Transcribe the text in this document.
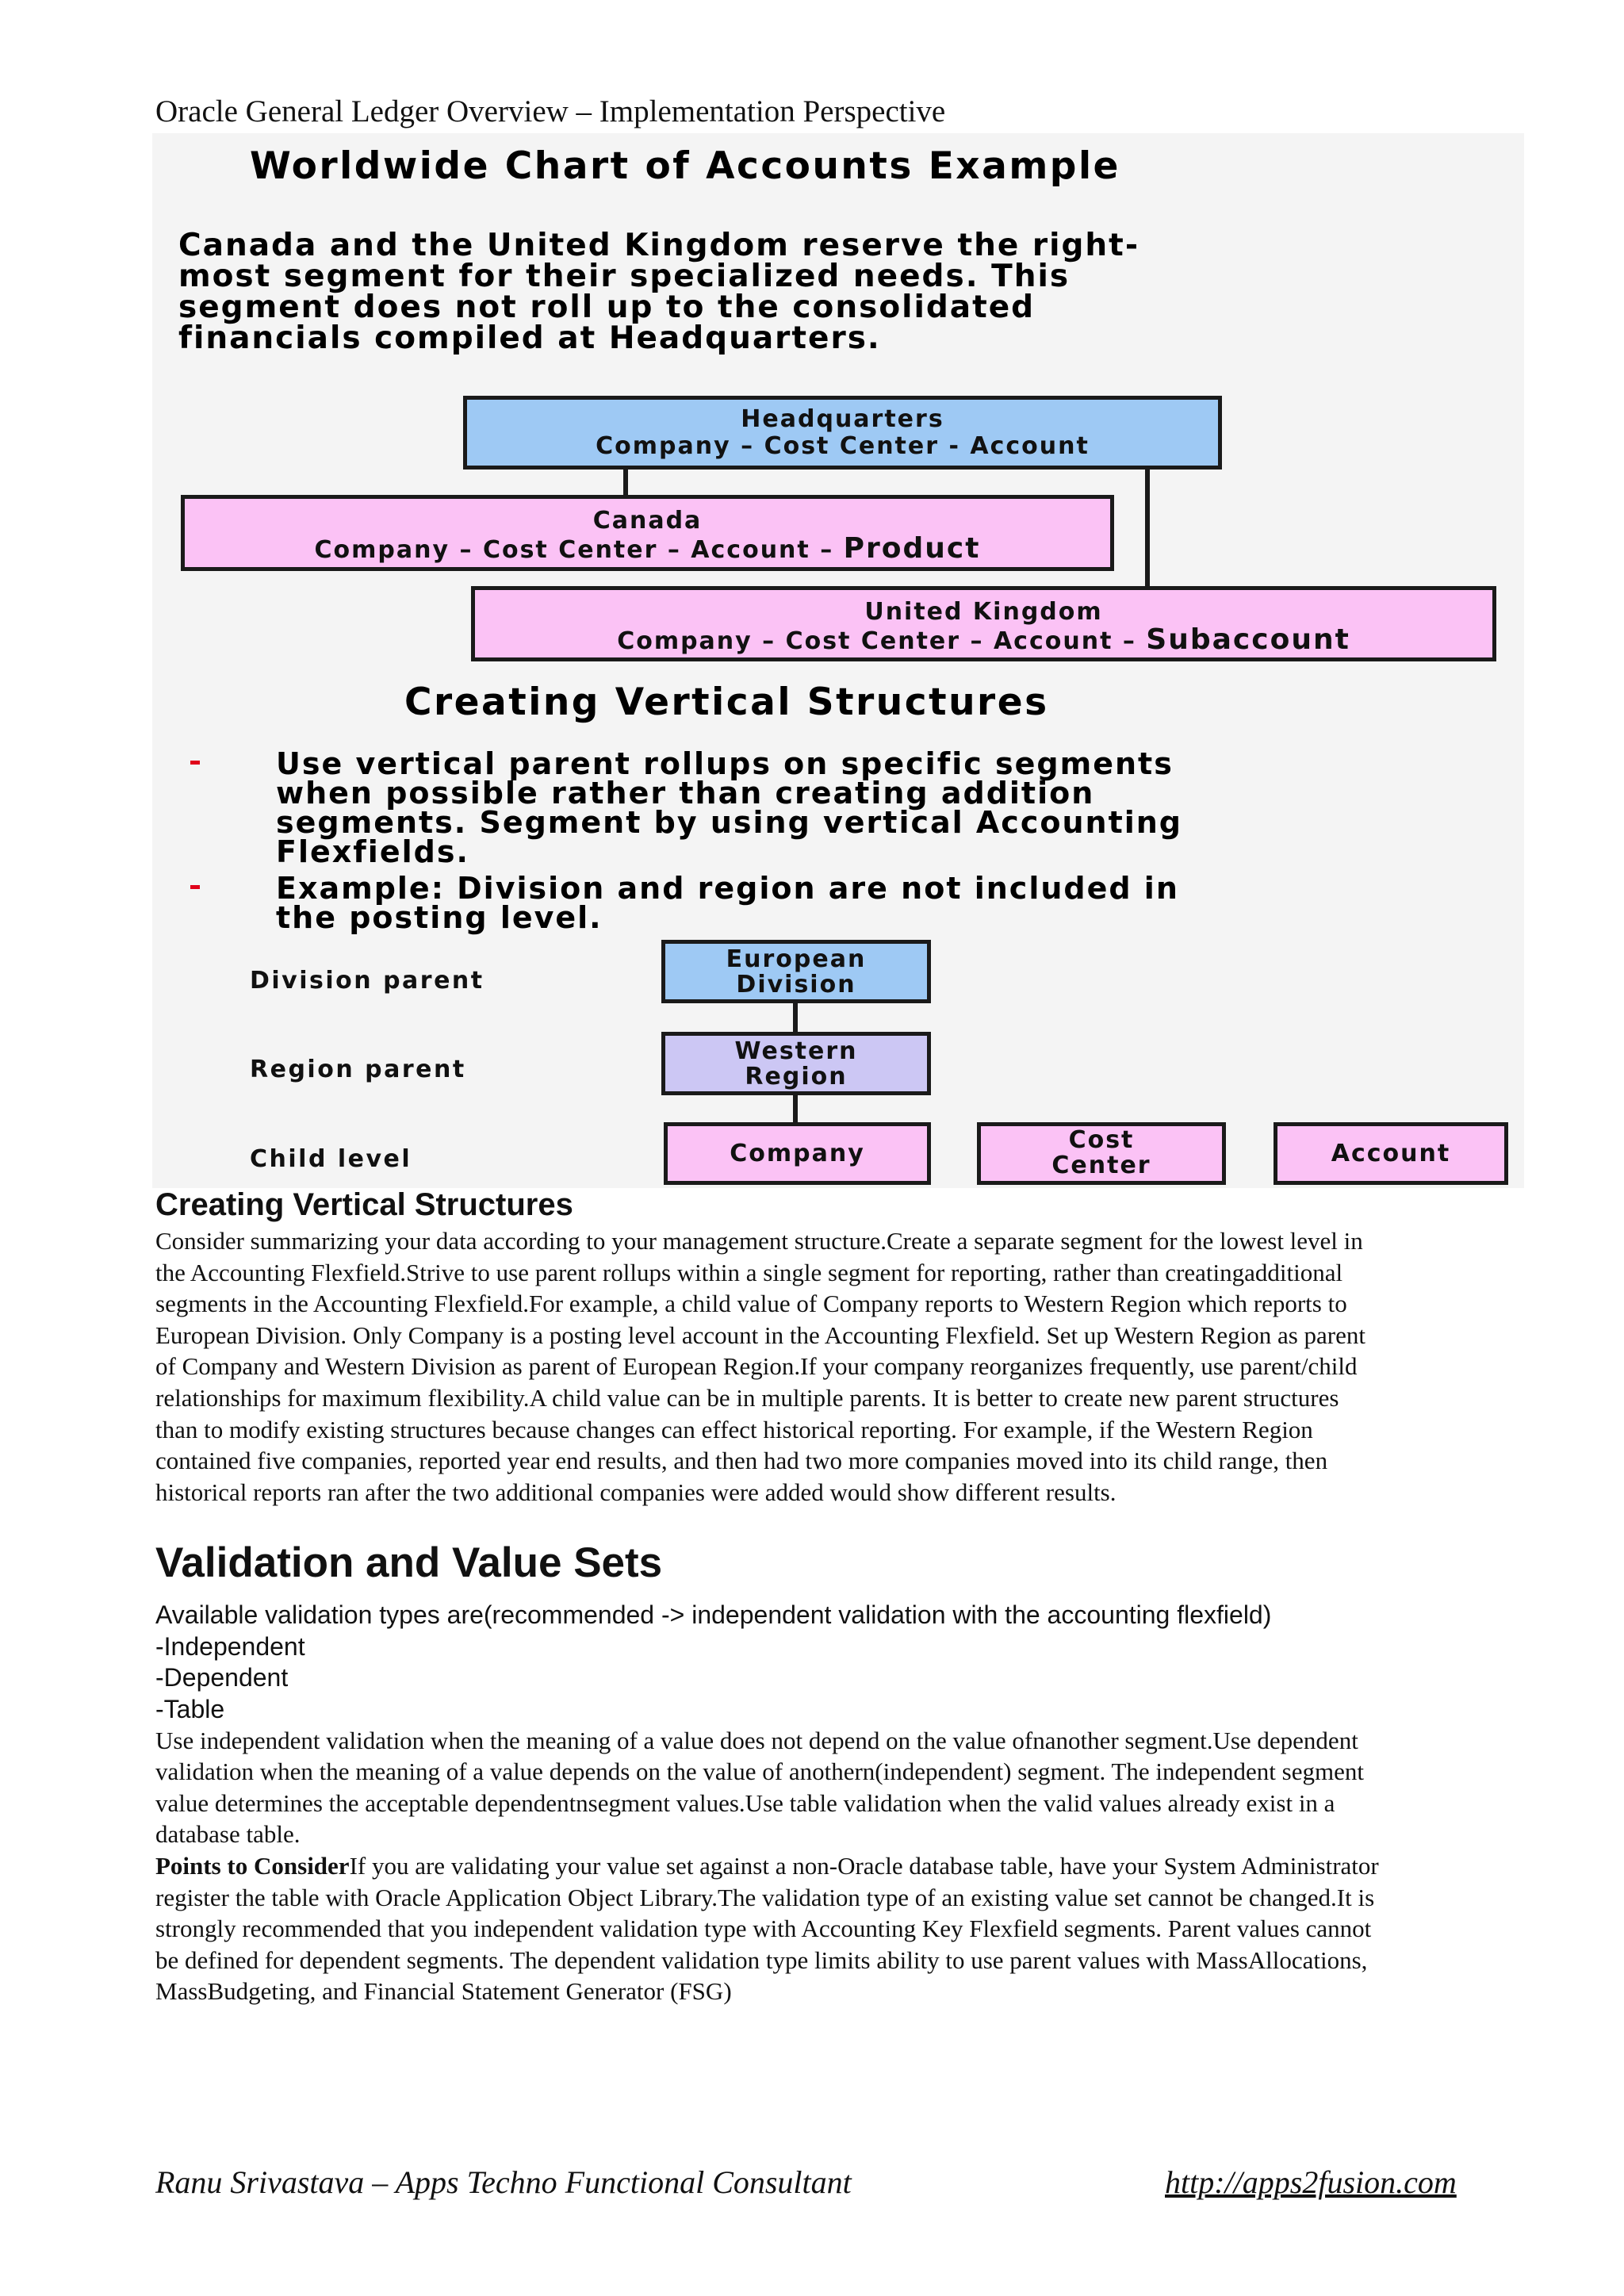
Oracle General Ledger Overview – Implementation Perspective
Worldwide Chart of Accounts Example
Canada and the United Kingdom reserve the right-
most segment for their specialized needs. This
segment does not roll up to the consolidated
financials compiled at Headquarters.
Headquarters
Company – Cost Center - Account
Canada
Company – Cost Center – Account – Product
United Kingdom
Company – Cost Center – Account – Subaccount
Creating Vertical Structures
Use vertical parent rollups on specific segments
when possible rather than creating addition
segments. Segment by using vertical Accounting
Flexfields.
Example: Division and region are not included in
the posting level.
Division parent
Region parent
Child level
European
Division
Western
Region
Company	Cost
Center	Account
Creating Vertical Structures
Consider summarizing your data according to your management structure.Create a separate segment for the lowest level in
the Accounting Flexfield.Strive to use parent rollups within a single segment for reporting, rather than creatingadditional
segments in the Accounting Flexfield.For example, a child value of Company reports to Western Region which reports to
European Division. Only Company is a posting level account in the Accounting Flexfield. Set up Western Region as parent
of Company and Western Division as parent of European Region.If your company reorganizes frequently, use parent/child
relationships for maximum flexibility.A child value can be in multiple parents. It is better to create new parent structures
than to modify existing structures because changes can effect historical reporting. For example, if the Western Region
contained five companies, reported year end results, and then had two more companies moved into its child range, then
historical reports ran after the two additional companies were added would show different results.
Validation and Value Sets
Available validation types are(recommended -> independent validation with the accounting flexfield)
-Independent
-Dependent
-Table
Use independent validation when the meaning of a value does not depend on the value ofnanother segment.Use dependent
validation when the meaning of a value depends on the value of anothern(independent) segment. The independent segment
value determines the acceptable dependentnsegment values.Use table validation when the valid values already exist in a
database table.
Points to ConsiderIf you are validating your value set against a non-Oracle database table, have your System Administrator
register the table with Oracle Application Object Library.The validation type of an existing value set cannot be changed.It is
strongly recommended that you independent validation type with Accounting Key Flexfield segments. Parent values cannot
be defined for dependent segments. The dependent validation type limits ability to use parent values with MassAllocations,
MassBudgeting, and Financial Statement Generator (FSG)
Ranu Srivastava – Apps Techno Functional Consultant	http://apps2fusion.com
